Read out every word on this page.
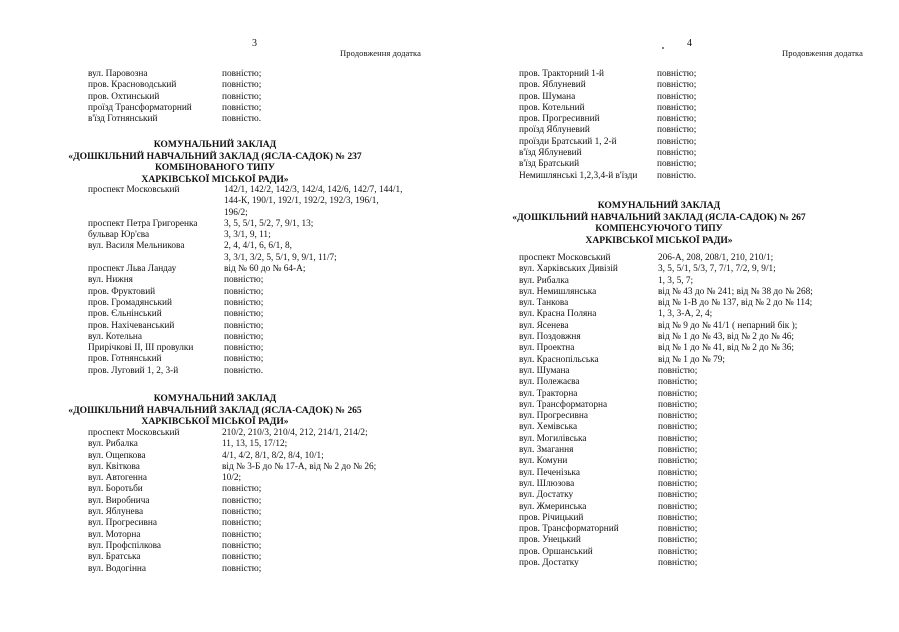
3
Продовження додатка
вул. Паровозна	повністю;
пров. Красноводський	повністю;
пров. Охтинський	повністю;
проїзд Трансформаторний	повністю;
в'їзд Готнянський	повністю.
КОМУНАЛЬНИЙ ЗАКЛАД
«ДОШКІЛЬНИЙ НАВЧАЛЬНИЙ ЗАКЛАД (ЯСЛА-САДОК) № 237
КОМБІНОВАНОГО ТИПУ
ХАРКІВСЬКОЇ МІСЬКОЇ РАДИ»
проспект Московський	142/1, 142/2, 142/3, 142/4, 142/6, 142/7, 144/1,
144-К, 190/1, 192/1, 192/2, 192/3, 196/1,
196/2;
проспект Петра Григоренка	3, 5, 5/1, 5/2, 7, 9/1, 13;
бульвар Юр'єва	3, 3/1, 9, 11;
вул. Василя Мельникова	2, 4, 4/1, 6, 6/1, 8,
3, 3/1, 3/2, 5, 5/1, 9, 9/1, 11/7;
проспект Льва Ландау	від № 60 до № 64-А;
вул. Нижня	повністю;
пров. Фруктовий	повністю;
пров. Громадянський	повністю;
пров. Єльнінський	повністю;
пров. Нахічеванський	повністю;
вул. Котельна	повністю;
Прирічкові II, III провулки	повністю;
пров. Готнянський	повністю;
пров. Луговий 1, 2, 3-й	повністю.
КОМУНАЛЬНИЙ ЗАКЛАД
«ДОШКІЛЬНИЙ НАВЧАЛЬНИЙ ЗАКЛАД (ЯСЛА-САДОК) № 265
ХАРКІВСЬКОЇ МІСЬКОЇ РАДИ»
проспект Московський	210/2, 210/3, 210/4, 212, 214/1, 214/2;
вул. Рибалка	11, 13, 15, 17/12;
вул. Ощепкова	4/1, 4/2, 8/1, 8/2, 8/4, 10/1;
вул. Квіткова	від № 3-Б до № 17-А, від № 2 до № 26;
вул. Автогенна	10/2;
вул. Боротьби	повністю;
вул. Виробнича	повністю;
вул. Яблунева	повністю;
вул. Прогресивна	повністю;
вул. Моторна	повністю;
вул. Профспілкова	повністю;
вул. Братська	повністю;
вул. Водогінна	повністю;
4
Продовження додатка
пров. Тракторний 1-й	повністю;
пров. Яблуневий	повністю;
пров. Шумана	повністю;
пров. Котельний	повністю;
пров. Прогресивний	повністю;
проїзд Яблуневий	повністю;
проїзди Братський 1, 2-й	повністю;
в'їзд Яблуневий	повністю;
в'їзд Братський	повністю;
Немишлянські 1,2,3,4-й в'їзди	повністю.
КОМУНАЛЬНИЙ ЗАКЛАД
«ДОШКІЛЬНИЙ НАВЧАЛЬНИЙ ЗАКЛАД (ЯСЛА-САДОК) № 267
КОМПЕНСУЮЧОГО ТИПУ
ХАРКІВСЬКОЇ МІСЬКОЇ РАДИ»
проспект Московський	206-А, 208, 208/1, 210, 210/1;
вул. Харківських Дивізій	3, 5, 5/1, 5/3, 7, 7/1, 7/2, 9, 9/1;
вул. Рибалка	1, 3, 5, 7;
вул. Немишлянська	від № 43 до № 241; від № 38 до № 268;
вул. Танкова	від № 1-В до № 137, від № 2 до № 114;
вул. Красна Поляна	1, 3, 3-А, 2, 4;
вул. Ясенева	від № 9 до № 41/1 ( непарний бік );
вул. Поздовжня	від № 1 до № 43, від № 2 до № 46;
вул. Проектна	від № 1 до № 41, від № 2 до № 36;
вул. Краснопільська	від № 1 до № 79;
вул. Шумана	повністю;
вул. Полежаєва	повністю;
вул. Тракторна	повністю;
вул. Трансформаторна	повністю;
вул. Прогресивна	повністю;
вул. Хемівська	повністю;
вул. Могилівська	повністю;
вул. Змагання	повністю;
вул. Комуни	повністю;
вул. Печенізька	повністю;
вул. Шлюзова	повністю;
вул. Достатку	повністю;
вул. Жмеринська	повністю;
пров. Річицький	повністю;
пров. Трансформаторний	повністю;
пров. Унецький	повністю;
пров. Оршанський	повністю;
пров. Достатку	повністю;
